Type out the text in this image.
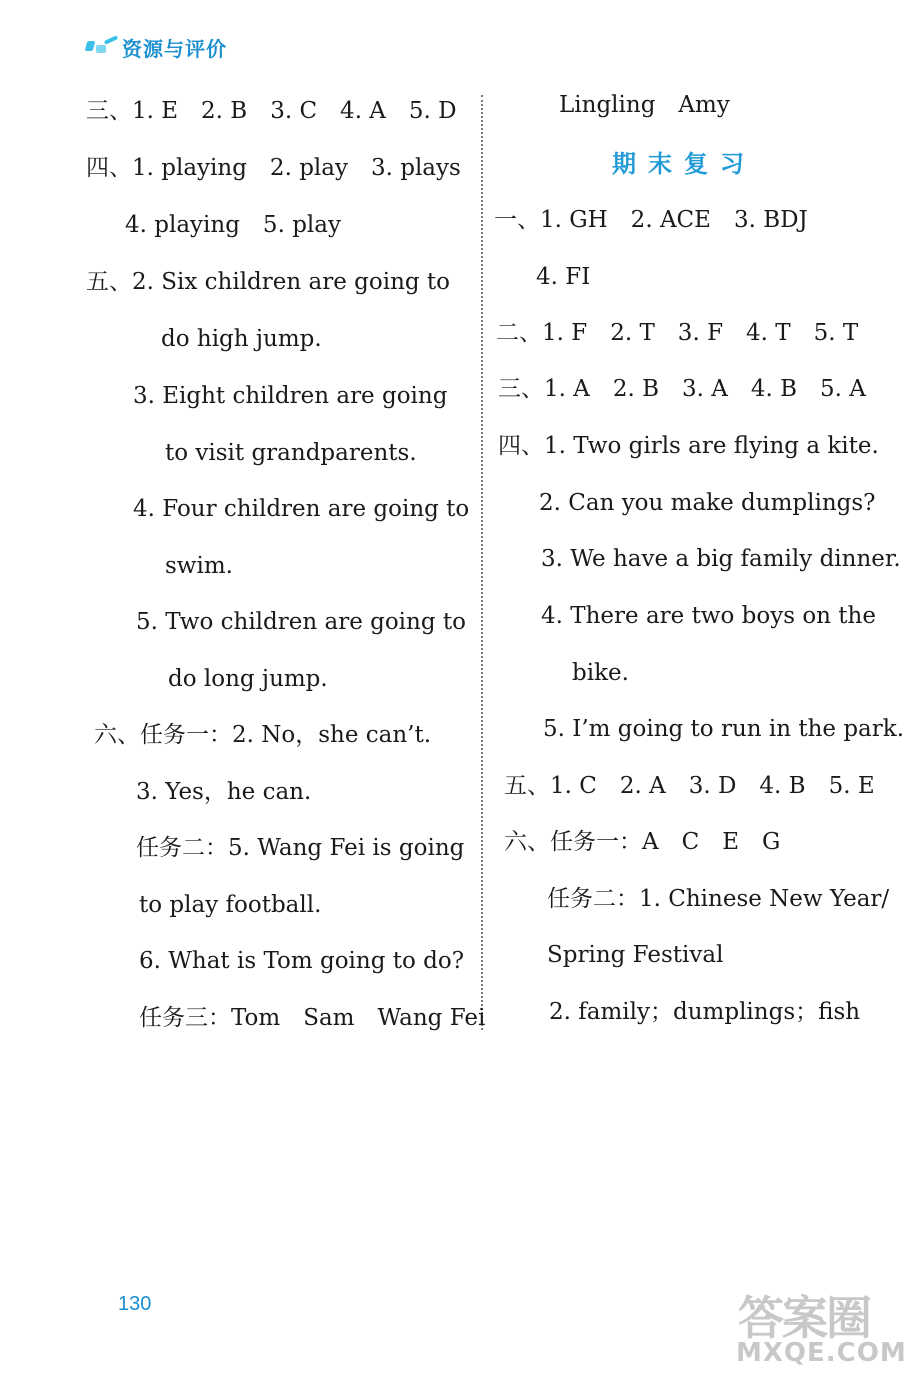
资源与评价
三、1. E　2. B　3. C　4. A　5. D
四、1. playing　2. play　3. plays
4. playing　5. play
五、2. Six children are going to
do high jump.
3. Eight children are going
to visit grandparents.
4. Four children are going to
swim.
5. Two children are going to
do long jump.
六、任务一：2. No，she can’t.
3. Yes，he can.
任务二：5. Wang Fei is going
to play football.
6. What is Tom going to do?
任务三：Tom　Sam　Wang Fei
Lingling　Amy
期末复习
一、1. GH　2. ACE　3. BDJ
4. FI
二、1. F　2. T　3. F　4. T　5. T
三、1. A　2. B　3. A　4. B　5. A
四、1. Two girls are flying a kite.
2. Can you make dumplings?
3. We have a big family dinner.
4. There are two boys on the
bike.
5. I’m going to run in the park.
五、1. C　2. A　3. D　4. B　5. E
六、任务一：A　C　E　G
任务二：1. Chinese New Year/
Spring Festival
2. family；dumplings；fish
130	答案圈
MXQE.COM
